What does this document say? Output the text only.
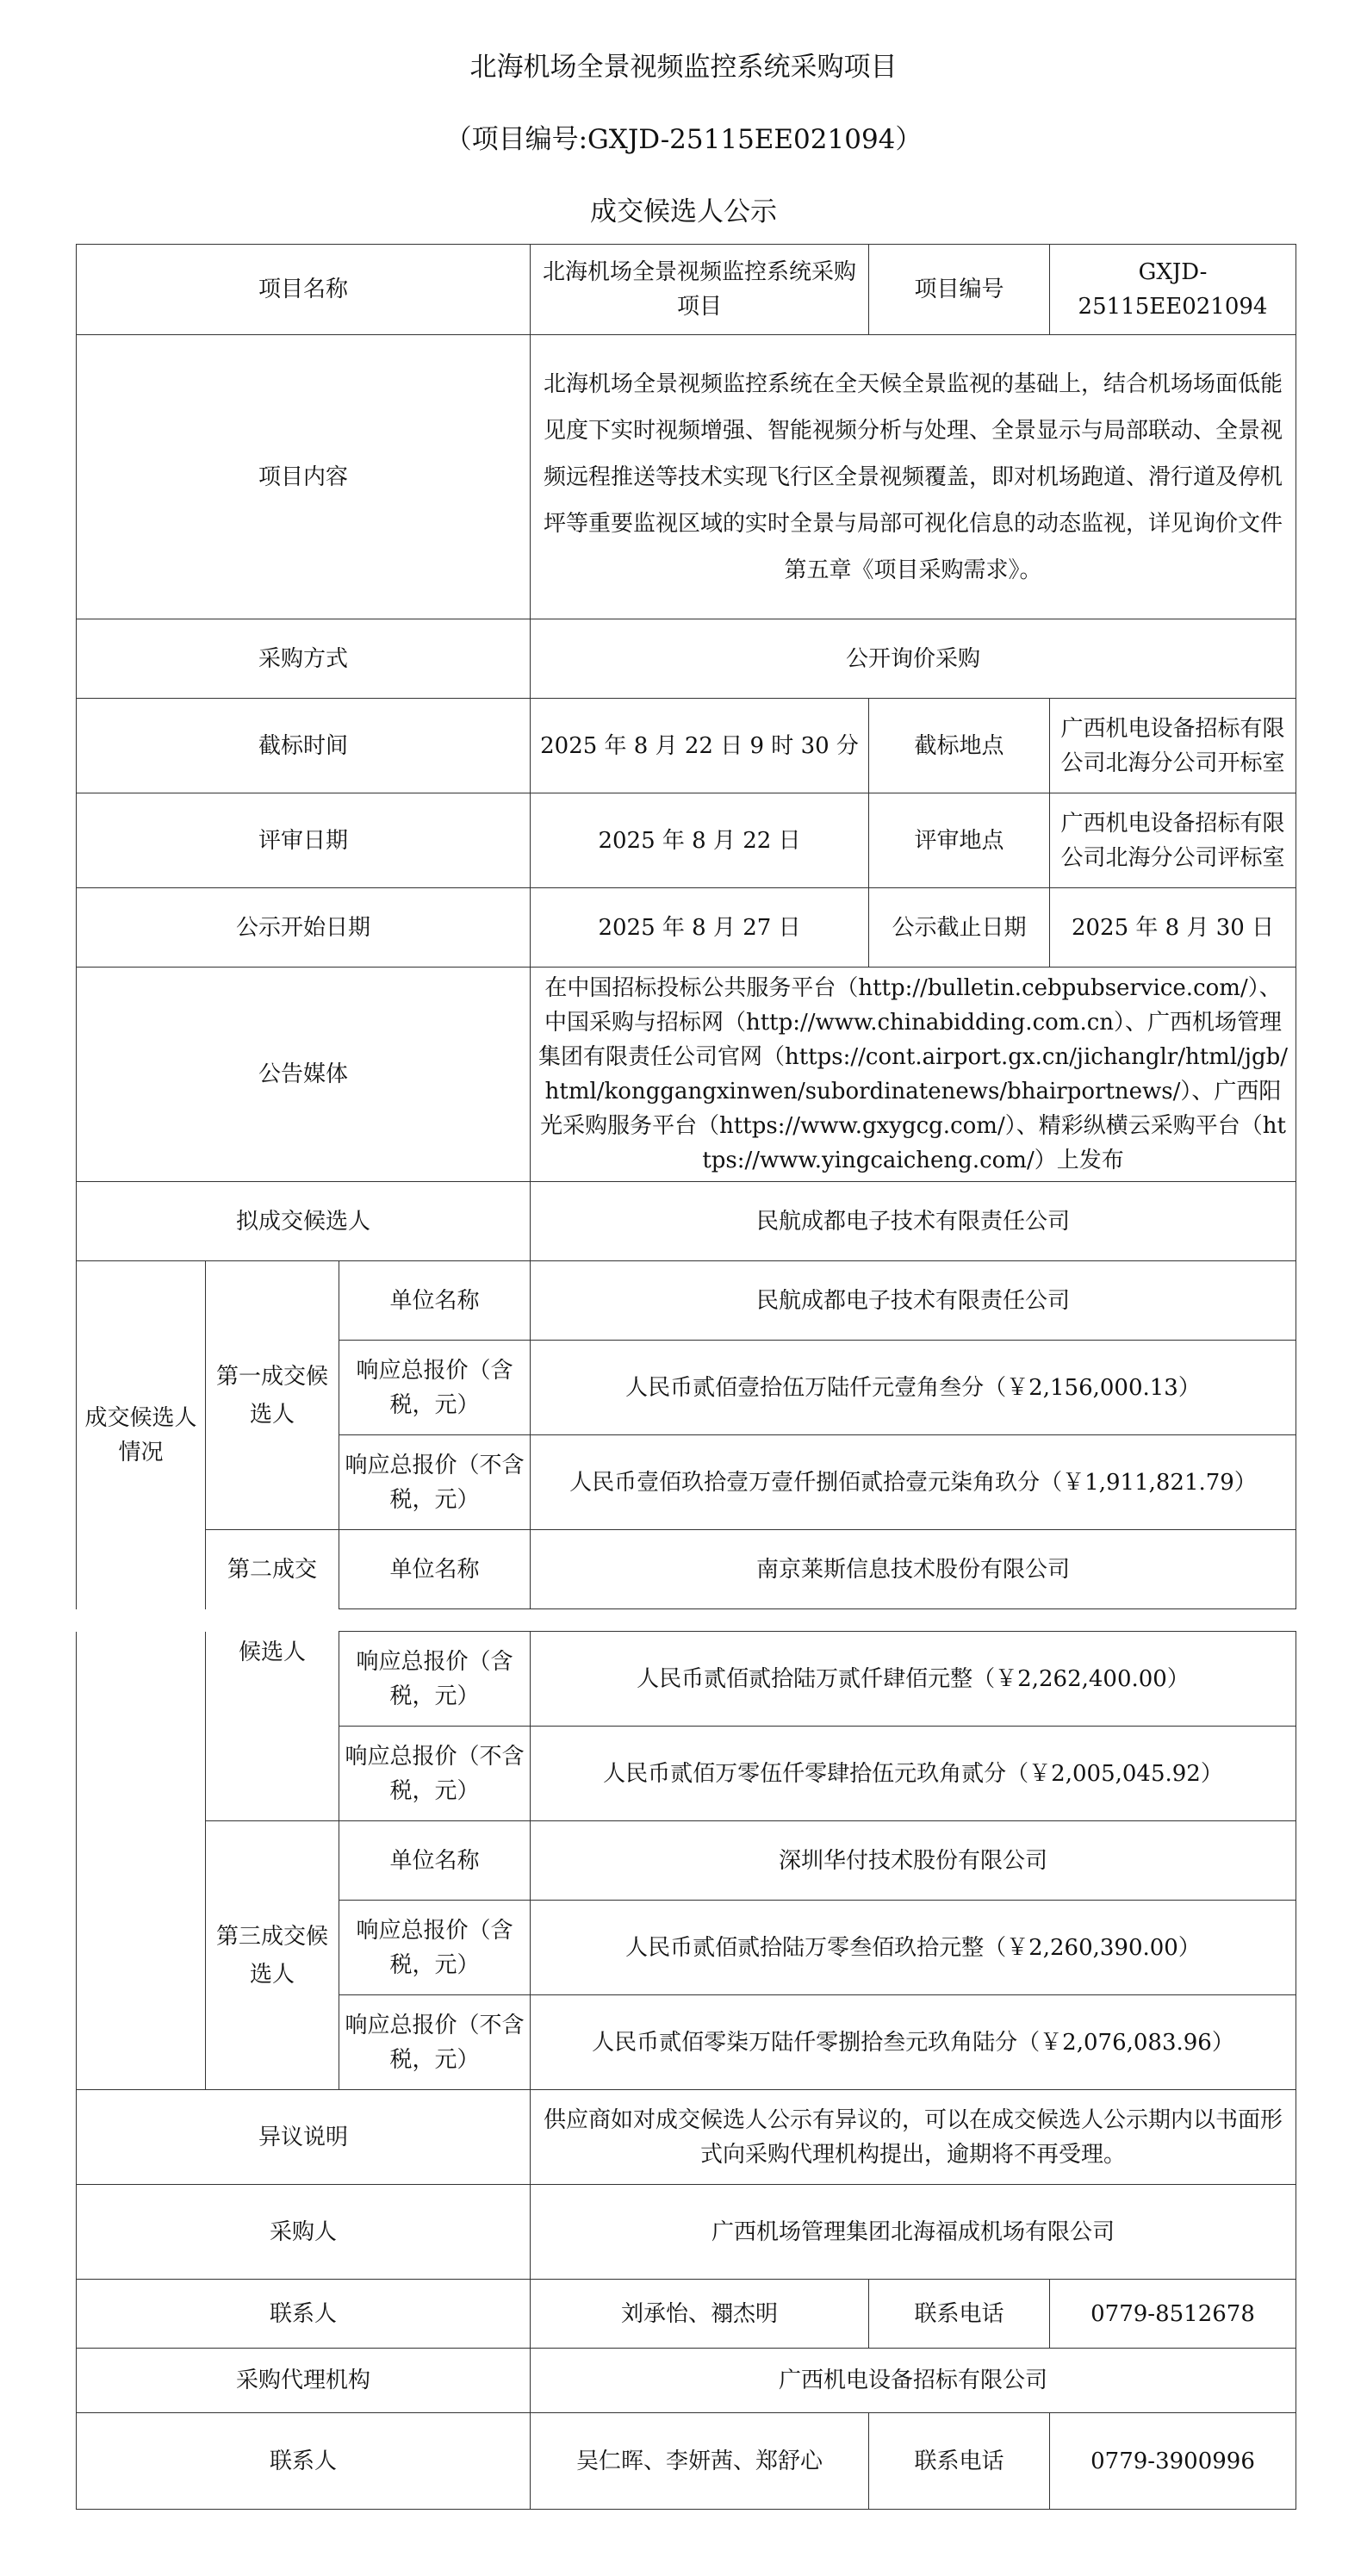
北海机场全景视频监控系统采购项目
（项目编号:GXJD-25115EE021094）
成交候选人公示
项目名称			北海机场全景视频监控系统采购项目	项目编号	GXJD-25115EE021094
项目内容			北海机场全景视频监控系统在全天候全景监视的基础上，结合机场场面低能见度下实时视频增强、智能视频分析与处理、全景显示与局部联动、全景视频远程推送等技术实现飞行区全景视频覆盖，即对机场跑道、滑行道及停机坪等重要监视区域的实时全景与局部可视化信息的动态监视，详见询价文件第五章《项目采购需求》。		
采购方式			公开询价采购		
截标时间			2025 年 8 月 22 日 9 时 30 分	截标地点	广西机电设备招标有限公司北海分公司开标室
评审日期			2025 年 8 月 22 日	评审地点	广西机电设备招标有限公司北海分公司评标室
公示开始日期			2025 年 8 月 27 日	公示截止日期	2025 年 8 月 30 日
公告媒体			在中国招标投标公共服务平台（http://bulletin.cebpubservice.com/）、中国采购与招标网（http://www.chinabidding.com.cn）、广西机场管理集团有限责任公司官网（https://cont.airport.gx.cn/jichanglr/html/jgb/html/konggangxinwen/subordinatenews/bhairportnews/）、广西阳光采购服务平台（https://www.gxygcg.com/）、精彩纵横云采购平台（https://www.yingcaicheng.com/）上发布		
拟成交候选人			民航成都电子技术有限责任公司		
成交候选人情况	第一成交候选人	单位名称	民航成都电子技术有限责任公司		
		响应总报价（含税，元）	人民币贰佰壹拾伍万陆仟元壹角叁分（￥2,156,000.13）		
		响应总报价（不含税，元）	人民币壹佰玖拾壹万壹仟捌佰贰拾壹元柒角玖分（￥1,911,821.79）		
	第二成交	单位名称	南京莱斯信息技术股份有限公司		
	候选人	响应总报价（含税，元）	人民币贰佰贰拾陆万贰仟肆佰元整（￥2,262,400.00）		
		响应总报价（不含税，元）	人民币贰佰万零伍仟零肆拾伍元玖角贰分（￥2,005,045.92）		
	第三成交候选人	单位名称	深圳华付技术股份有限公司		
		响应总报价（含税，元）	人民币贰佰贰拾陆万零叁佰玖拾元整（￥2,260,390.00）		
		响应总报价（不含税，元）	人民币贰佰零柒万陆仟零捌拾叁元玖角陆分（￥2,076,083.96）		
异议说明			供应商如对成交候选人公示有异议的，可以在成交候选人公示期内以书面形式向采购代理机构提出，逾期将不再受理。		
采购人			广西机场管理集团北海福成机场有限公司		
联系人			刘承怡、禤杰明	联系电话	0779-8512678
采购代理机构			广西机电设备招标有限公司		
联系人			吴仁晖、李妍茜、郑舒心	联系电话	0779-3900996
